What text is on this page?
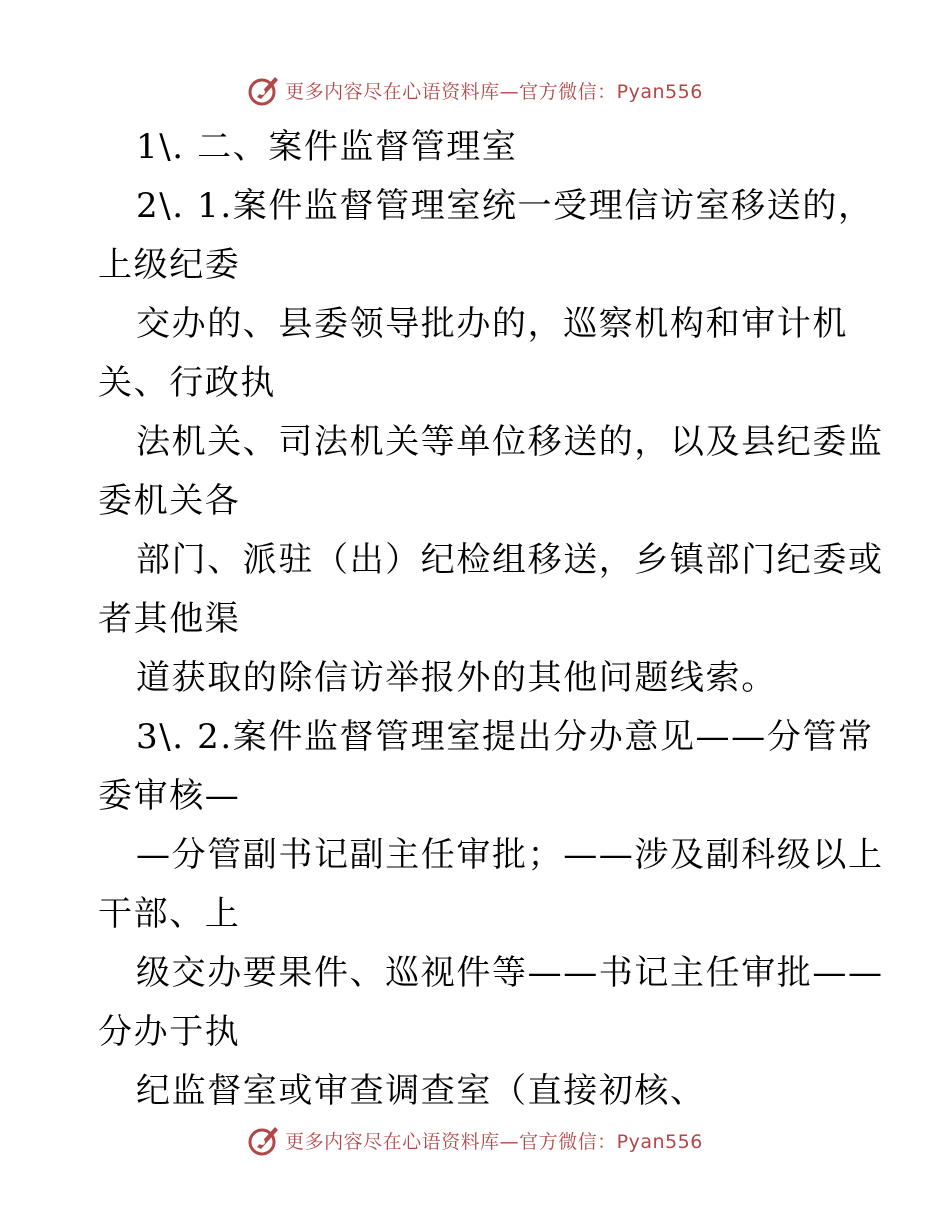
更多内容尽在心语资料库—官方微信：Pyan556
1\. 二、案件监督管理室
2\. 1.案件监督管理室统一受理信访室移送的，
上级纪委
交办的、县委领导批办的，巡察机构和审计机
关、行政执
法机关、司法机关等单位移送的，以及县纪委监
委机关各
部门、派驻（出）纪检组移送，乡镇部门纪委或
者其他渠
道获取的除信访举报外的其他问题线索。
3\. 2.案件监督管理室提出分办意见——分管常
委审核—
—分管副书记副主任审批；——涉及副科级以上
干部、上
级交办要果件、巡视件等——书记主任审批——
分办于执
纪监督室或审查调查室（直接初核、
更多内容尽在心语资料库—官方微信：Pyan556
